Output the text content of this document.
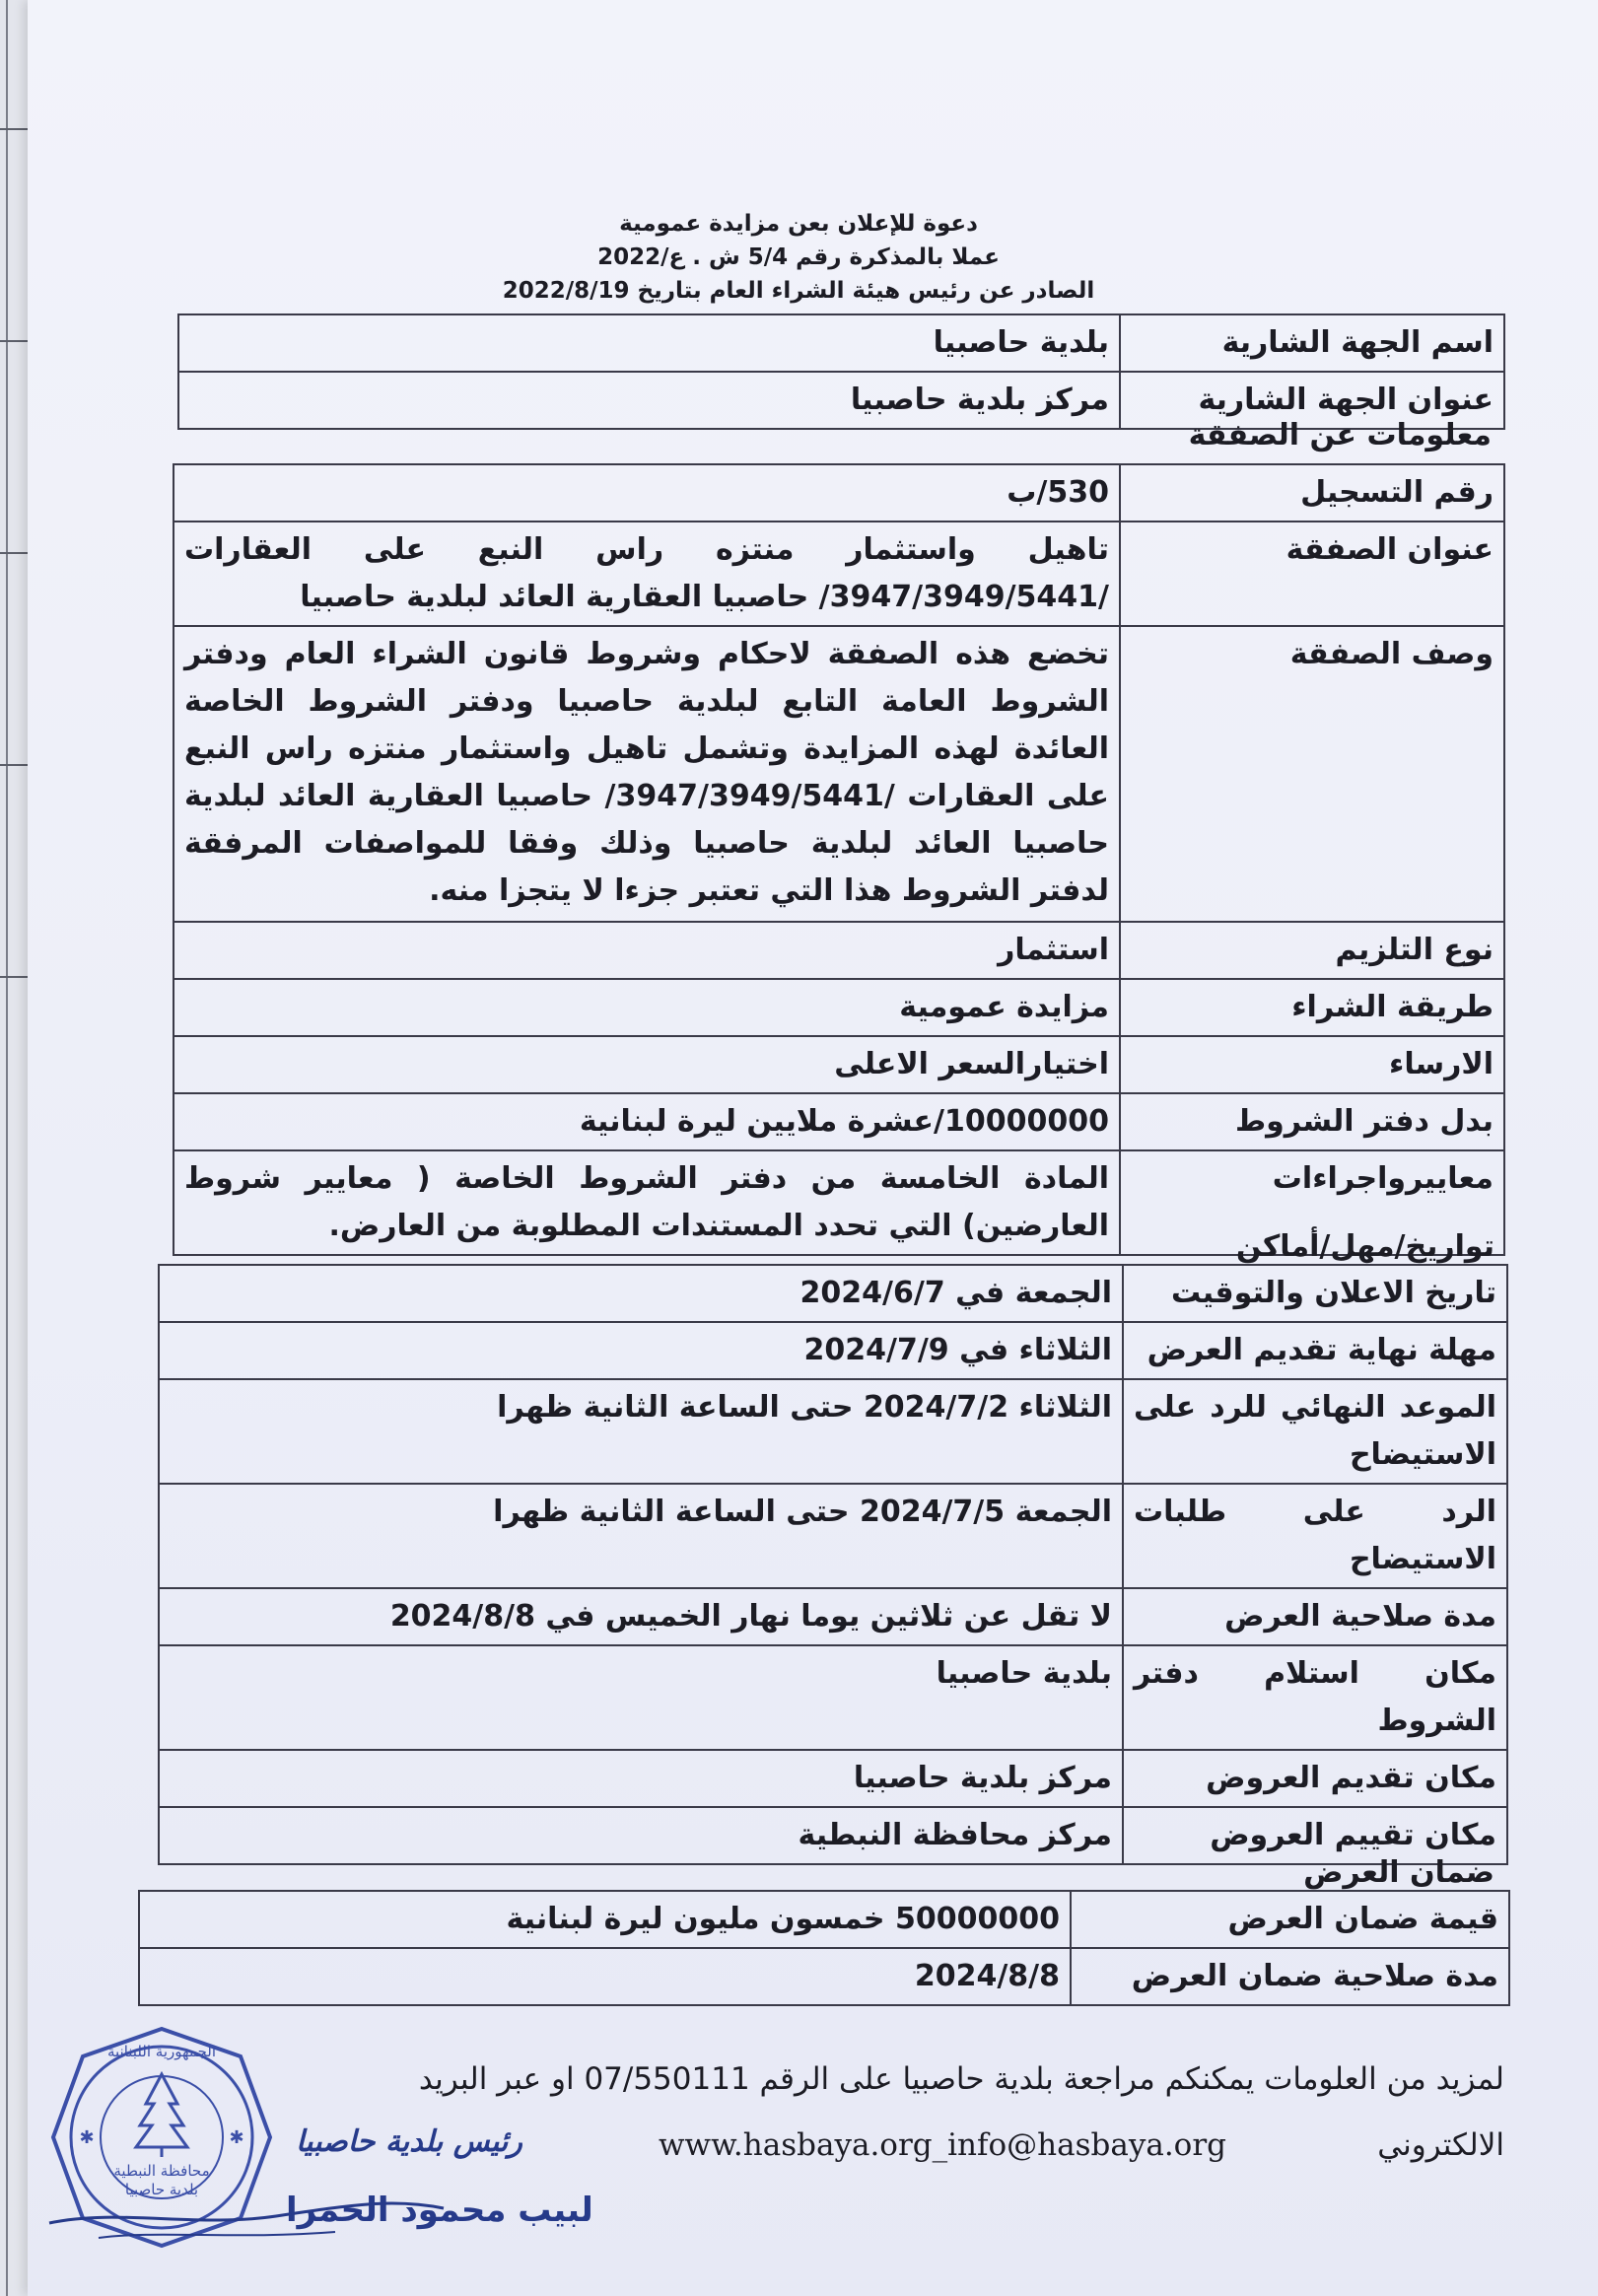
دعوة للإعلان بعن مزايدة عمومية
عملا بالمذكرة رقم 5/4 ش . ع/2022
الصادر عن رئيس هيئة الشراء العام بتاريخ 2022/8/19
اسم الجهة الشارية	بلدية حاصبيا
عنوان الجهة الشارية	مركز بلدية حاصبيا
معلومات عن الصفقة
رقم التسجيل	530/ب
عنوان الصفقة	تاهيل واستثمار منتزه راس النبع على العقارات /3947/3949/5441/ حاصبيا العقارية العائد لبلدية حاصبيا
وصف الصفقة	تخضع هذه الصفقة لاحكام وشروط قانون الشراء العام ودفتر الشروط العامة التابع لبلدية حاصبيا ودفتر الشروط الخاصة العائدة لهذه المزايدة وتشمل تاهيل واستثمار منتزه راس النبع على العقارات /3947/3949/5441/ حاصبيا العقارية العائد لبلدية حاصبيا العائد لبلدية حاصبيا وذلك وفقا للمواصفات المرفقة لدفتر الشروط هذا التي تعتبر جزءا لا يتجزا منه.
نوع التلزيم	استثمار
طريقة الشراء	مزايدة عمومية
الارساء	اختيارالسعر الاعلى
بدل دفتر الشروط	10000000/عشرة ملايين ليرة لبنانية
معاييرواجراءات	المادة الخامسة من دفتر الشروط الخاصة ( معايير شروط العارضين) التي تحدد المستندات المطلوبة من العارض.
تواريخ/مهل/أماكن
تاريخ الاعلان والتوقيت	الجمعة في 2024/6/7
مهلة نهاية تقديم العرض	الثلاثاء في 2024/7/9
الموعد النهائي للرد على الاستيضاح	الثلاثاء 2024/7/2 حتى الساعة الثانية ظهرا
الرد على طلبات الاستيضاح	الجمعة 2024/7/5 حتى الساعة الثانية ظهرا
مدة صلاحية العرض	لا تقل عن ثلاثين يوما نهار الخميس في 2024/8/8
مكان استلام دفتر الشروط	بلدية حاصبيا
مكان تقديم العروض	مركز بلدية حاصبيا
مكان تقييم العروض	مركز محافظة النبطية
ضمان العرض
قيمة ضمان العرض	50000000 خمسون مليون ليرة لبنانية
مدة صلاحية ضمان العرض	2024/8/8
لمزيد من العلومات يمكنكم مراجعة بلدية حاصبيا على الرقم 07/550111 او عبر البريد
الالكتروني
www.hasbaya.org_info@hasbaya.org
الجمهورية اللبنانية
محافظة النبطية
بلدية حاصبيا
✱	✱ رئيس بلدية حاصبيا
لبيب محمود الحمرا
